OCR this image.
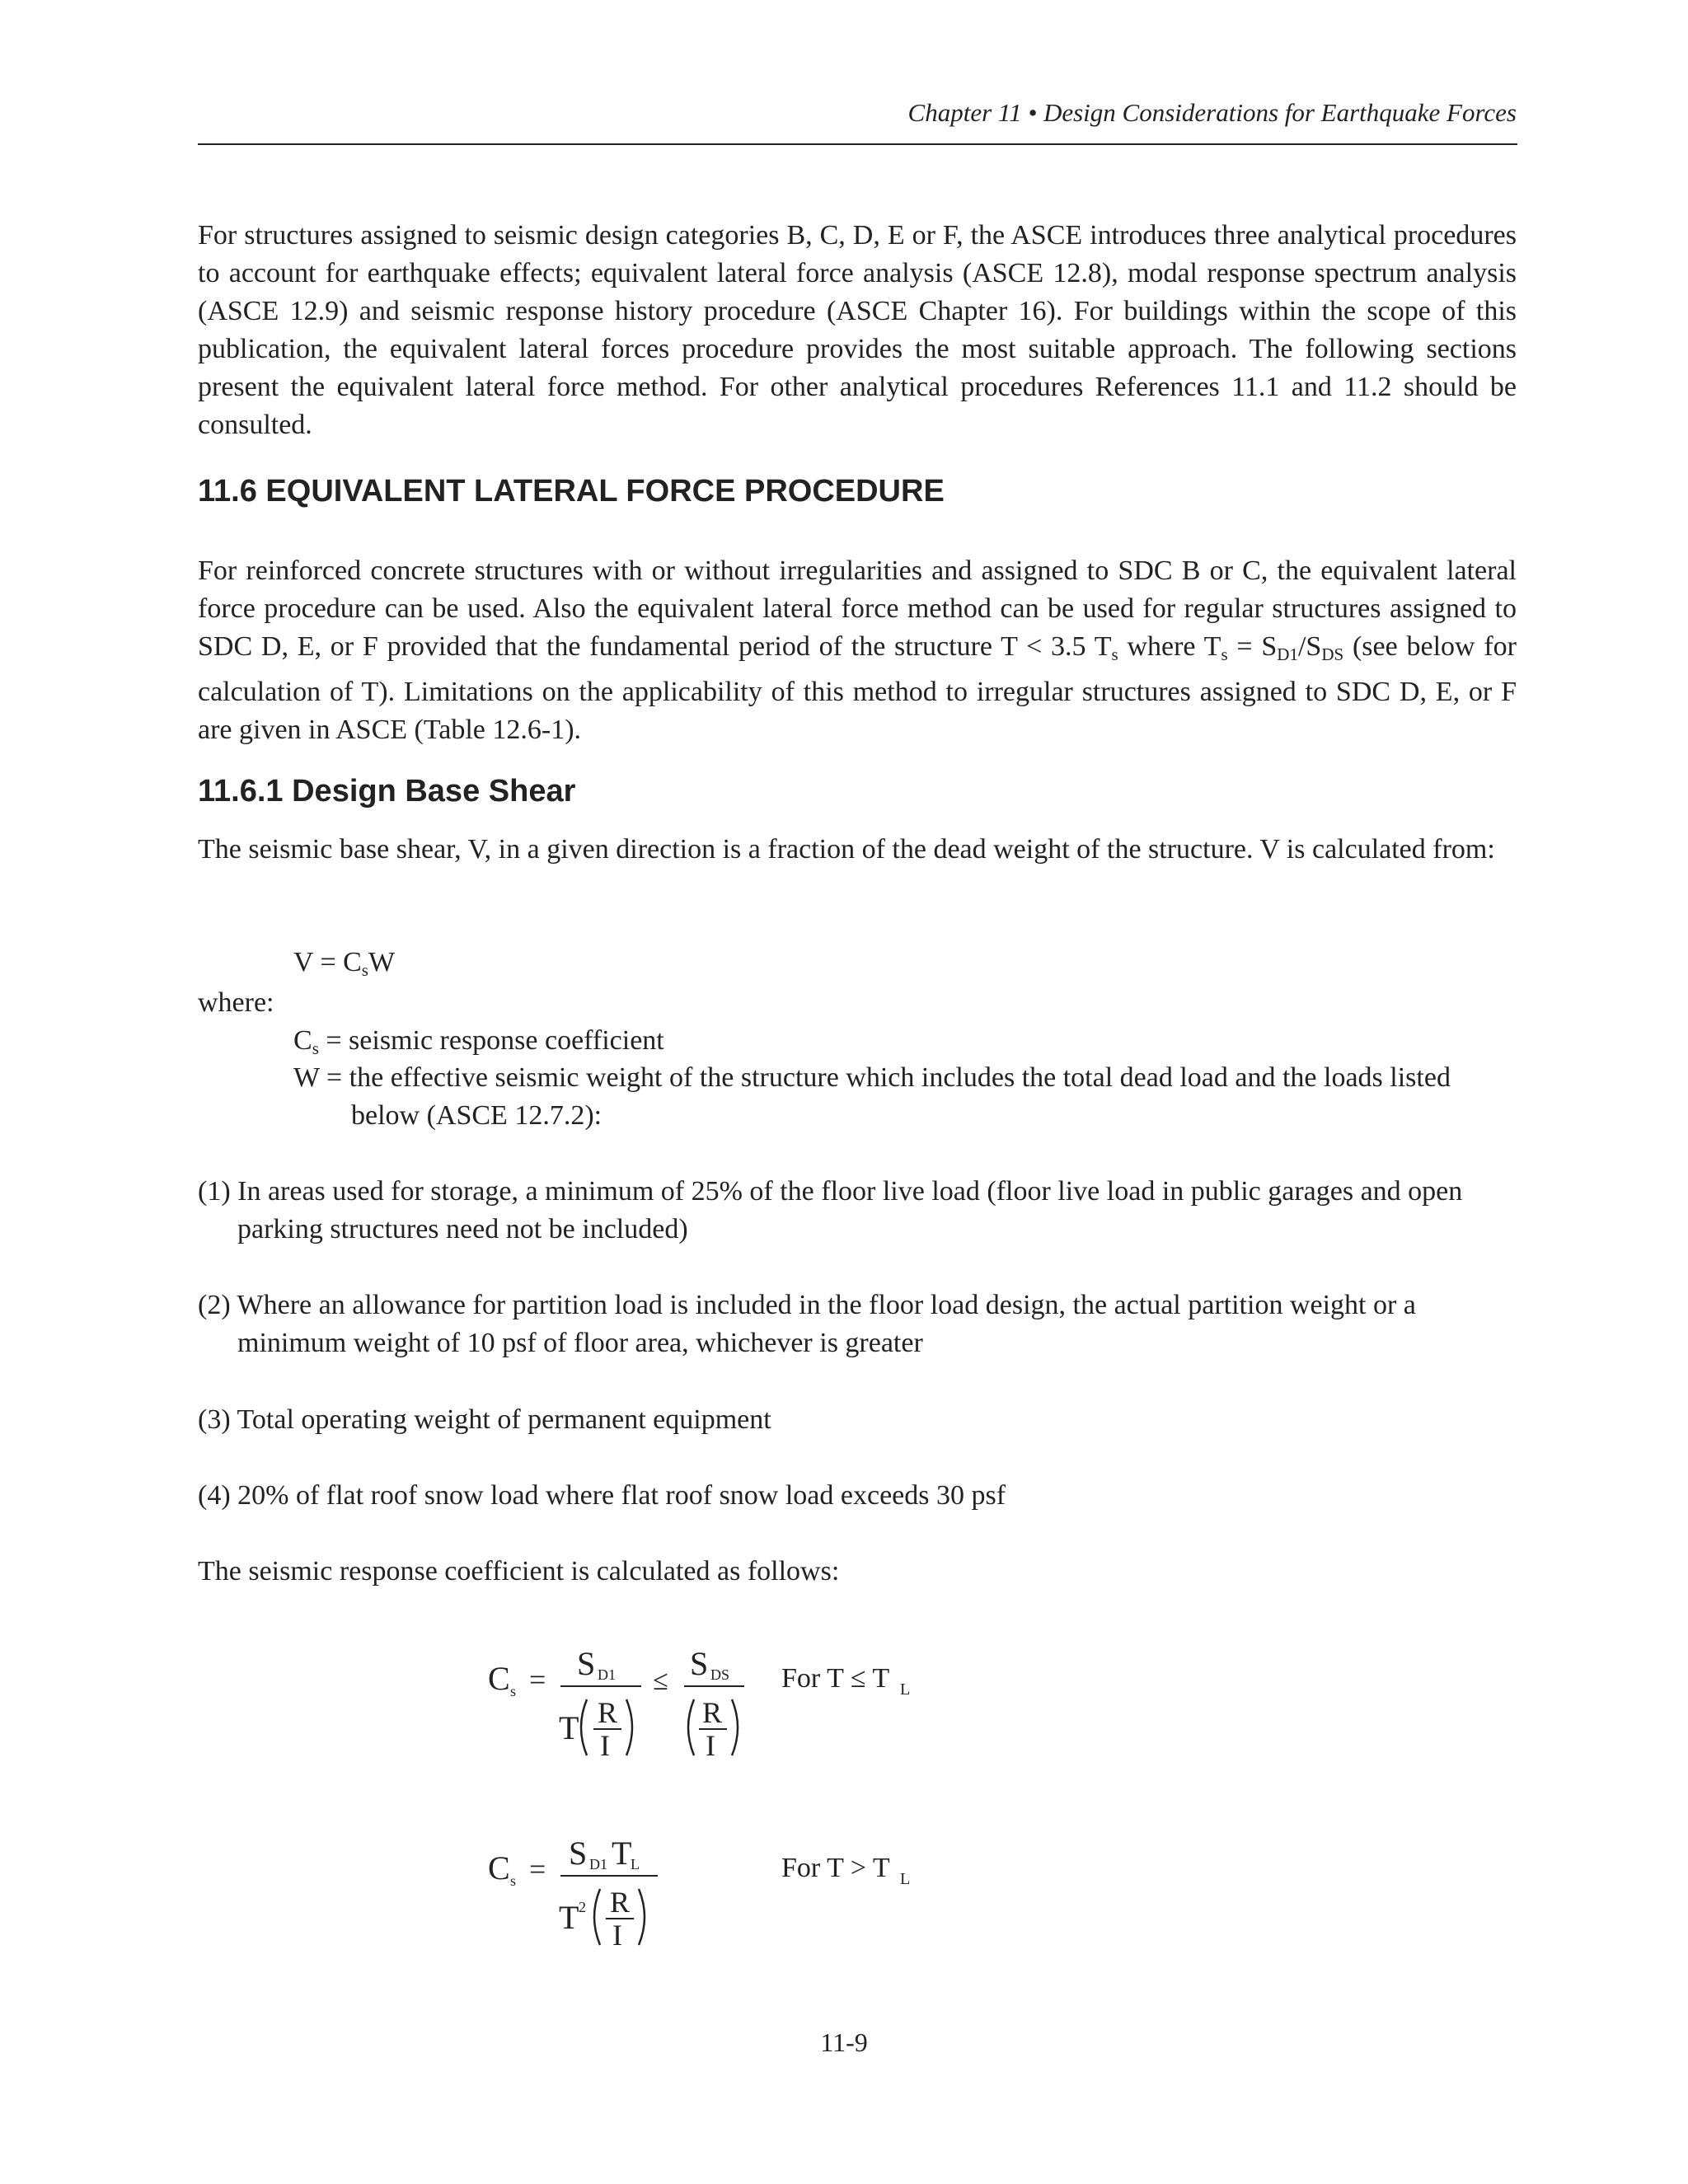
Chapter 11 • Design Considerations for Earthquake Forces
For structures assigned to seismic design categories B, C, D, E or F, the ASCE introduces three analytical procedures to account for earthquake effects; equivalent lateral force analysis (ASCE 12.8), modal response spectrum analysis (ASCE 12.9) and seismic response history procedure (ASCE Chapter 16). For buildings within the scope of this publication, the equivalent lateral forces procedure provides the most suitable approach. The following sections present the equivalent lateral force method. For other analytical procedures References 11.1 and 11.2 should be consulted.
11.6 EQUIVALENT LATERAL FORCE PROCEDURE
For reinforced concrete structures with or without irregularities and assigned to SDC B or C, the equivalent lateral force procedure can be used. Also the equivalent lateral force method can be used for regular structures assigned to SDC D, E, or F provided that the fundamental period of the structure T < 3.5 $T_s$ where $T_s = S_{D1}/S_{DS}$ (see below for calculation of T). Limitations on the applicability of this method to irregular structures assigned to SDC D, E, or F are given in ASCE (Table 12.6-1).
11.6.1 Design Base Shear
The seismic base shear, V, in a given direction is a fraction of the dead weight of the structure. V is calculated from:
$V = C_sW$
where:
$C_s$ = seismic response coefficient
W = the effective seismic weight of the structure which includes the total dead load and the loads listed
below (ASCE 12.7.2):
(1) In areas used for storage, a minimum of 25% of the floor live load (floor live load in public garages and open parking structures need not be included)
(2) Where an allowance for partition load is included in the floor load design, the actual partition weight or a minimum weight of 10 psf of floor area, whichever is greater
(3) Total operating weight of permanent equipment
(4) 20% of flat roof snow load where flat roof snow load exceeds 30 psf
The seismic response coefficient is calculated as follows:
C s = S D1
T R
I
≤ S DS
R
I
For T ≤ T L
C s = S D1 T
L
T 2 R
I
For T > T L
11-9
